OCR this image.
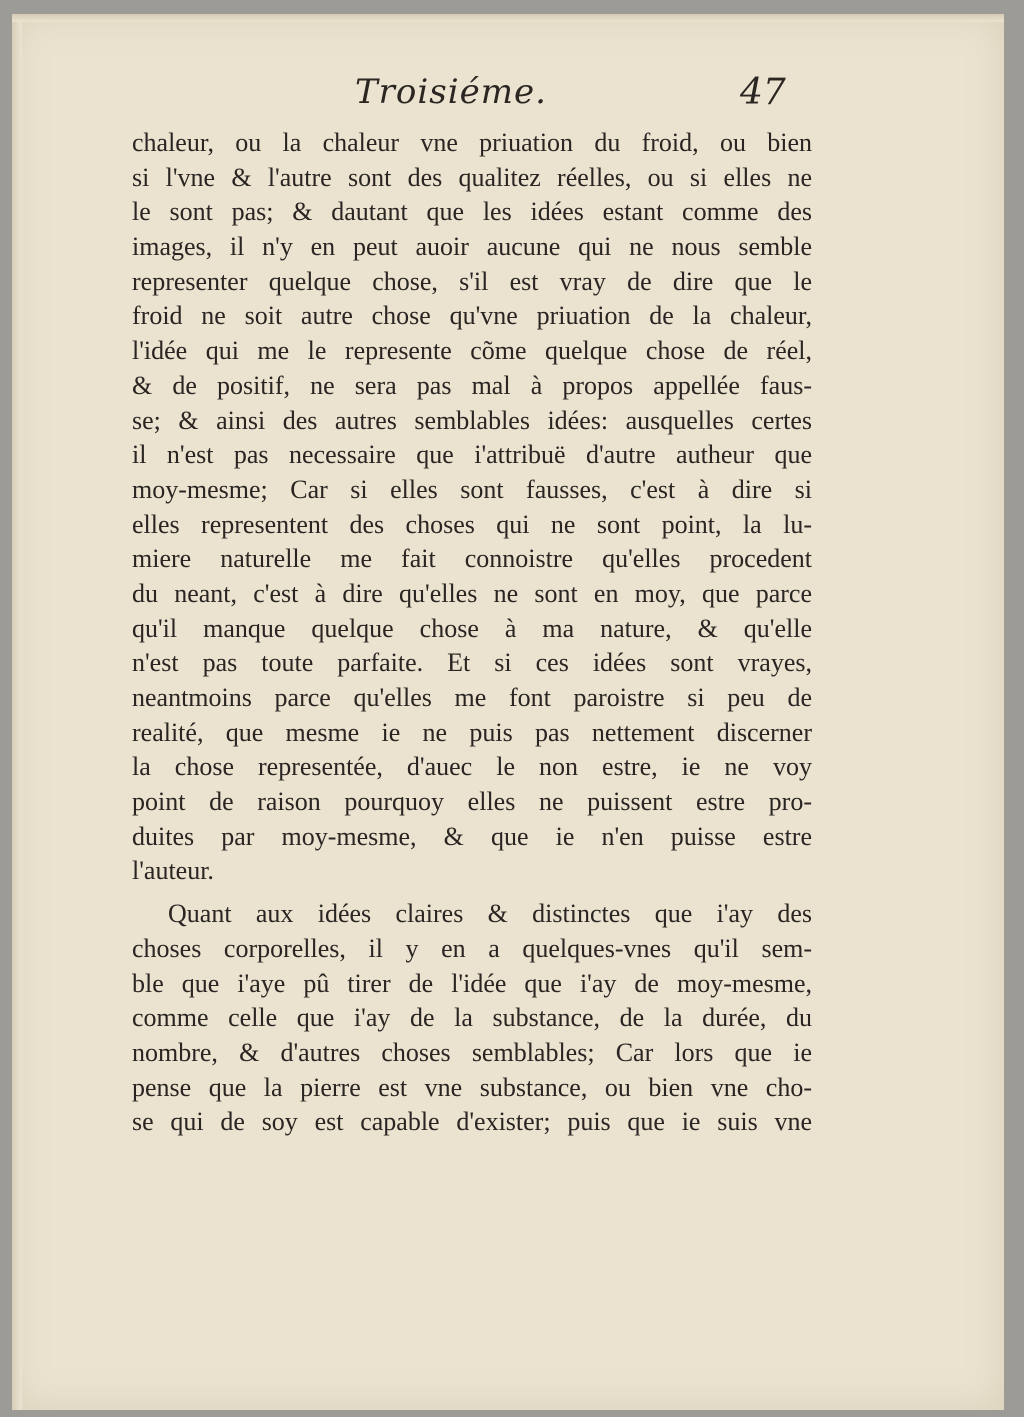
Troisiéme.	47
chaleur, ou la chaleur vne priuation du froid, ou bien
si l'vne & l'autre sont des qualitez réelles, ou si elles ne
le sont pas; & dautant que les idées estant comme des
images, il n'y en peut auoir aucune qui ne nous semble
representer quelque chose, s'il est vray de dire que le
froid ne soit autre chose qu'vne priuation de la chaleur,
l'idée qui me le represente cõme quelque chose de réel,
& de positif, ne sera pas mal à propos appellée faus-
se; & ainsi des autres semblables idées: ausquelles certes
il n'est pas necessaire que i'attribuë d'autre autheur que
moy-mesme; Car si elles sont fausses, c'est à dire si
elles representent des choses qui ne sont point, la lu-
miere naturelle me fait connoistre qu'elles procedent
du neant, c'est à dire qu'elles ne sont en moy, que parce
qu'il manque quelque chose à ma nature, & qu'elle
n'est pas toute parfaite. Et si ces idées sont vrayes,
neantmoins parce qu'elles me font paroistre si peu de
realité, que mesme ie ne puis pas nettement discerner
la chose representée, d'auec le non estre, ie ne voy
point de raison pourquoy elles ne puissent estre pro-
duites par moy-mesme, & que ie n'en puisse estre
l'auteur.
Quant aux idées claires & distinctes que i'ay des
choses corporelles, il y en a quelques-vnes qu'il sem-
ble que i'aye pû tirer de l'idée que i'ay de moy-mesme,
comme celle que i'ay de la substance, de la durée, du
nombre, & d'autres choses semblables; Car lors que ie
pense que la pierre est vne substance, ou bien vne cho-
se qui de soy est capable d'exister; puis que ie suis vne
